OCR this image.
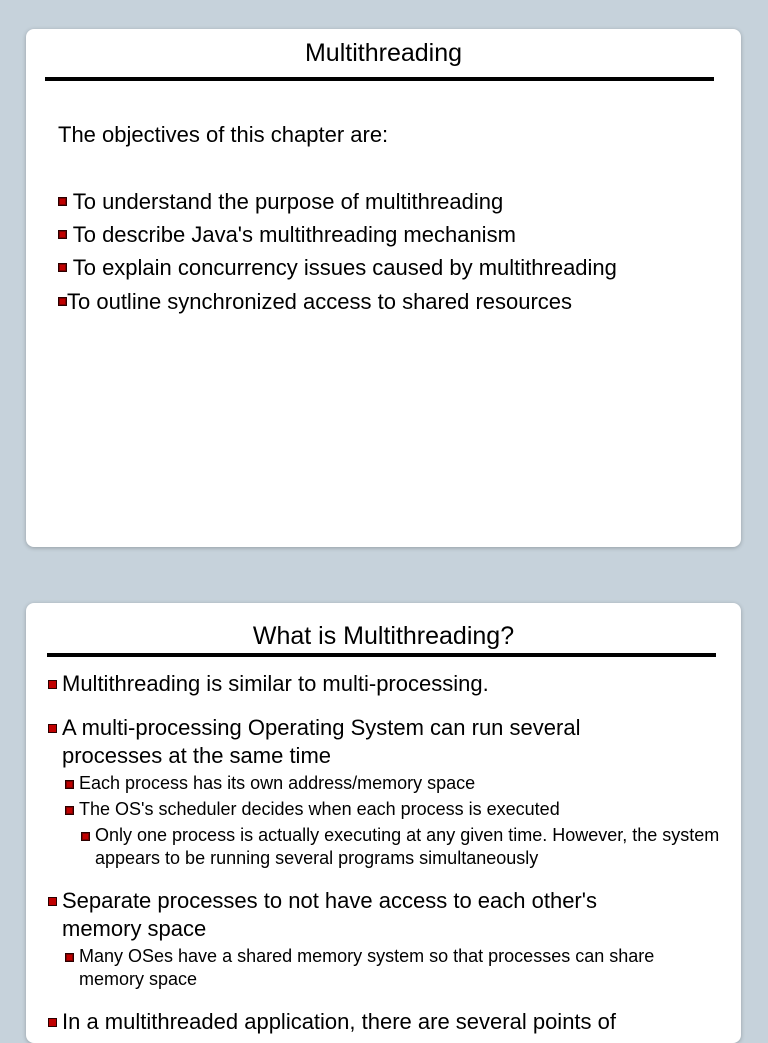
Multithreading
The objectives of this chapter are:
To understand the purpose of multithreading
To describe Java's multithreading mechanism
To explain concurrency issues caused by multithreading
To outline synchronized access to shared resources
What is Multithreading?
Multithreading is similar to multi-processing.
A multi-processing Operating System can run several processes at the same time
Each process has its own address/memory space
The OS's scheduler decides when each process is executed
Only one process is actually executing at any given time. However, the system appears to be running several programs simultaneously
Separate processes to not have access to each other's memory space
Many OSes have a shared memory system so that processes can share memory space
In a multithreaded application, there are several points of
